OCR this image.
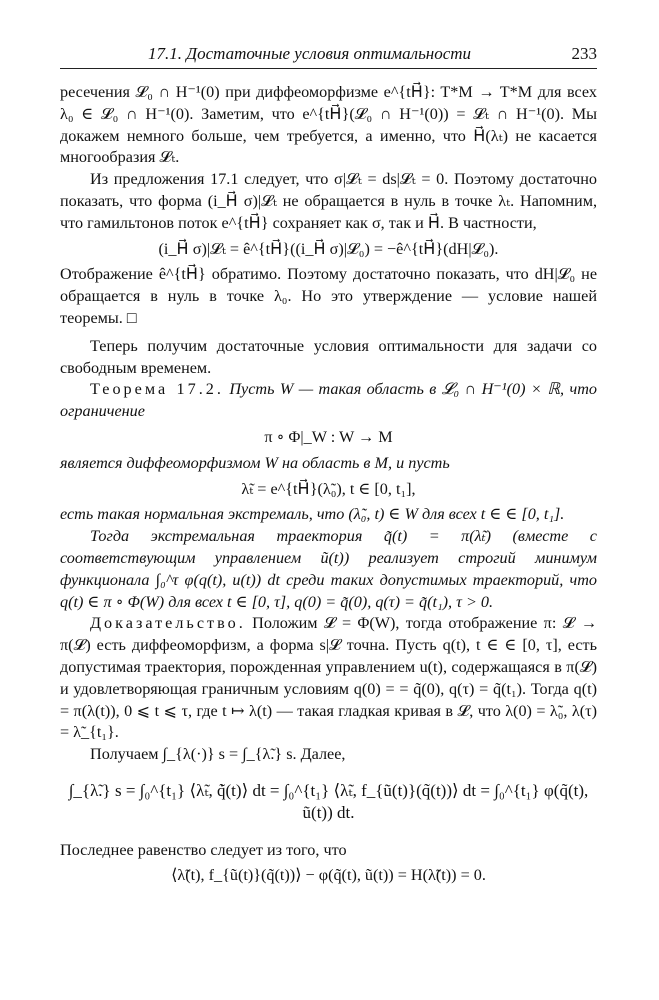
17.1. Достаточные условия оптимальности	233

ресечения 𝓛₀ ∩ H⁻¹(0) при диффеоморфизме e^{tH⃗}: T*M → T*M для всех λ₀ ∈ 𝓛₀ ∩ H⁻¹(0). Заметим, что e^{tH⃗}(𝓛₀ ∩ H⁻¹(0)) = 𝓛ₜ ∩ H⁻¹(0). Мы докажем немного больше, чем требуется, а именно, что H⃗(λₜ) не касается многообразия 𝓛ₜ.

Из предложения 17.1 следует, что σ|𝓛ₜ = ds|𝓛ₜ = 0. Поэтому достаточно показать, что форма (i_H⃗ σ)|𝓛ₜ не обращается в нуль в точке λₜ. Напомним, что гамильтонов поток e^{tH⃗} сохраняет как σ, так и H⃗. В частности,

(i_H⃗ σ)|𝓛ₜ = ê^{tH⃗}((i_H⃗ σ)|𝓛₀) = −ê^{tH⃗}(dH|𝓛₀).

Отображение ê^{tH⃗} обратимо. Поэтому достаточно показать, что dH|𝓛₀ не обращается в нуль в точке λ₀. Но это утверждение — условие нашей теоремы. □

Теперь получим достаточные условия оптимальности для задачи со свободным временем.

Теорема 17.2. Пусть W — такая область в 𝓛₀ ∩ H⁻¹(0) × ℝ, что ограничение

π ∘ Φ|_W : W → M

является диффеоморфизмом W на область в M, и пусть

λ̃ₜ = e^{tH⃗}(λ̃₀), t ∈ [0, t₁],

есть такая нормальная экстремаль, что (λ̃₀, t) ∈ W для всех t ∈ ∈ [0, t₁].

Тогда экстремальная траектория q̃(t) = π(λ̃ₜ) (вместе с соответствующим управлением ũ(t)) реализует строгий минимум функционала ∫₀^τ φ(q(t), u(t)) dt среди таких допустимых траекторий, что q(t) ∈ π ∘ Φ(W) для всех t ∈ [0, τ], q(0) = q̃(0), q(τ) = q̃(t₁), τ > 0.

Доказательство. Положим 𝓛 = Φ(W), тогда отображение π: 𝓛 → π(𝓛) есть диффеоморфизм, а форма s|𝓛 точна. Пусть q(t), t ∈ ∈ [0, τ], есть допустимая траектория, порожденная управлением u(t), содержащаяся в π(𝓛) и удовлетворяющая граничным условиям q(0) = = q̃(0), q(τ) = q̃(t₁). Тогда q(t) = π(λ(t)), 0 ⩽ t ⩽ τ, где t ↦ λ(t) — такая гладкая кривая в 𝓛, что λ(0) = λ̃₀, λ(τ) = λ̃_{t₁}.

Получаем ∫_{λ(·)} s = ∫_{λ̃.} s. Далее,

∫_{λ̃.} s = ∫₀^{t₁} ⟨λ̃ₜ, q̃̇(t)⟩ dt = ∫₀^{t₁} ⟨λ̃ₜ, f_{ũ(t)}(q̃(t))⟩ dt = ∫₀^{t₁} φ(q̃(t), ũ(t)) dt.

Последнее равенство следует из того, что

⟨λ̃(t), f_{ũ(t)}(q̃(t))⟩ − φ(q̃(t), ũ(t)) = H(λ̃(t)) = 0.
